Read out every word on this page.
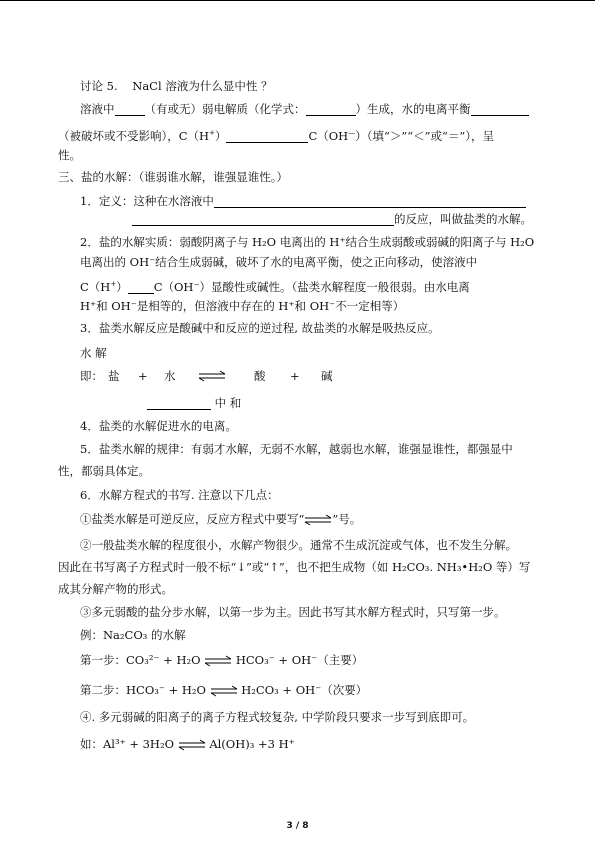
讨论 5. NaCl 溶液为什么显中性 ？
溶液中	（有或无）弱电解质（化学式：	）生成，水的电离平衡
（被破坏或不受影响），C（H+）	C（OH—）（填“＞”“＜”或“＝”），呈
性。
三、盐的水解：（谁弱谁水解，谁强显谁性。）
1．定义：这种在水溶液中
的反应，叫做盐类的水解。
2．盐的水解实质：弱酸阴离子与 H₂O 电离出的 H⁺结合生成弱酸或弱碱的阳离子与 H₂O
电离出的 OH⁻结合生成弱碱，破坏了水的电离平衡，使之正向移动，使溶液中
C（H+） C（OH⁻）显酸性或碱性。（盐类水解程度一般很弱。由水电离
H⁺和 OH⁻是相等的，但溶液中存在的 H⁺和 OH⁻不一定相等）
3．盐类水解反应是酸碱中和反应的逆过程, 故盐类的水解是吸热反应。
水 解
即： 盐 + 水	酸 + 碱
中 和
4．盐类的水解促进水的电离。
5．盐类水解的规律：有弱才水解，无弱不水解，越弱也水解，谁强显谁性，都强显中
性，都弱具体定。
6．水解方程式的书写. 注意以下几点：
①盐类水解是可逆反应，反应方程式中要写“⇌”号。
②一般盐类水解的程度很小，水解产物很少。通常不生成沉淀或气体，也不发生分解。
因此在书写离子方程式时一般不标“↓”或“↑”，也不把生成物（如 H₂CO₃. NH₃•H₂O 等）写
成其分解产物的形式。
③多元弱酸的盐分步水解，以第一步为主。因此书写其水解方程式时，只写第一步。
例：Na₂CO₃ 的水解
第一步：CO₃²⁻ + H₂O ⇌ HCO₃⁻ + OH⁻（主要）
第二步：HCO₃⁻ + H₂O ⇌ H₂CO₃ + OH⁻（次要）
④. 多元弱碱的阳离子的离子方程式较复杂, 中学阶段只要求一步写到底即可。
如：Al³⁺ + 3H₂O ⇌ Al(OH)₃ +3 H⁺
3 / 8
